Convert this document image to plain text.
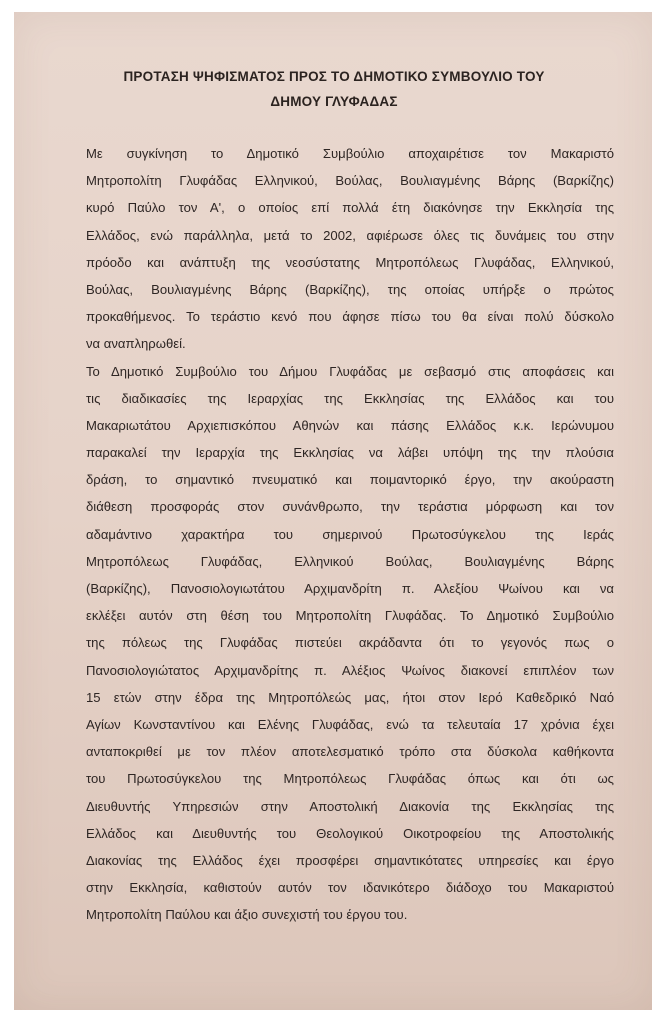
ΠΡΟΤΑΣΗ ΨΗΦΙΣΜΑΤΟΣ ΠΡΟΣ ΤΟ ΔΗΜΟΤΙΚΟ ΣΥΜΒΟΥΛΙΟ ΤΟΥ
ΔΗΜΟΥ ΓΛΥΦΑΔΑΣ
Με συγκίνηση το Δημοτικό Συμβούλιο αποχαιρέτισε τον Μακαριστό
Μητροπολίτη Γλυφάδας Ελληνικού, Βούλας, Βουλιαγμένης Βάρης (Βαρκίζης)
κυρό Παύλο τον Α', ο οποίος επί πολλά έτη διακόνησε την Εκκλησία της
Ελλάδος, ενώ παράλληλα, μετά το 2002, αφιέρωσε όλες τις δυνάμεις του στην
πρόοδο και ανάπτυξη της νεοσύστατης Μητροπόλεως Γλυφάδας, Ελληνικού,
Βούλας, Βουλιαγμένης Βάρης (Βαρκίζης), της οποίας υπήρξε ο πρώτος
προκαθήμενος. Το τεράστιο κενό που άφησε πίσω του θα είναι πολύ δύσκολο
να αναπληρωθεί.
Το Δημοτικό Συμβούλιο του Δήμου Γλυφάδας με σεβασμό στις αποφάσεις και
τις διαδικασίες της Ιεραρχίας της Εκκλησίας της Ελλάδος και του
Μακαριωτάτου Αρχιεπισκόπου Αθηνών και πάσης Ελλάδος κ.κ. Ιερώνυμου
παρακαλεί την Ιεραρχία της Εκκλησίας να λάβει υπόψη της την πλούσια
δράση, το σημαντικό πνευματικό και ποιμαντορικό έργο, την ακούραστη
διάθεση προσφοράς στον συνάνθρωπο, την τεράστια μόρφωση και τον
αδαμάντινο χαρακτήρα του σημερινού Πρωτοσύγκελου της Ιεράς
Μητροπόλεως Γλυφάδας, Ελληνικού Βούλας, Βουλιαγμένης Βάρης
(Βαρκίζης), Πανοσιολογιωτάτου Αρχιμανδρίτη π. Αλεξίου Ψωίνου και να
εκλέξει αυτόν στη θέση του Μητροπολίτη Γλυφάδας. Το Δημοτικό Συμβούλιο
της πόλεως της Γλυφάδας πιστεύει ακράδαντα ότι το γεγονός πως ο
Πανοσιολογιώτατος Αρχιμανδρίτης π. Αλέξιος Ψωίνος διακονεί επιπλέον των
15 ετών στην έδρα της Μητροπόλεώς μας, ήτοι στον Ιερό Καθεδρικό Ναό
Αγίων Κωνσταντίνου και Ελένης Γλυφάδας, ενώ τα τελευταία 17 χρόνια έχει
ανταποκριθεί με τον πλέον αποτελεσματικό τρόπο στα δύσκολα καθήκοντα
του Πρωτοσύγκελου της Μητροπόλεως Γλυφάδας όπως και ότι ως
Διευθυντής Υπηρεσιών στην Αποστολική Διακονία της Εκκλησίας της
Ελλάδος και Διευθυντής του Θεολογικού Οικοτροφείου της Αποστολικής
Διακονίας της Ελλάδος έχει προσφέρει σημαντικότατες υπηρεσίες και έργο
στην Εκκλησία, καθιστούν αυτόν τον ιδανικότερο διάδοχο του Μακαριστού
Μητροπολίτη Παύλου και άξιο συνεχιστή του έργου του.
